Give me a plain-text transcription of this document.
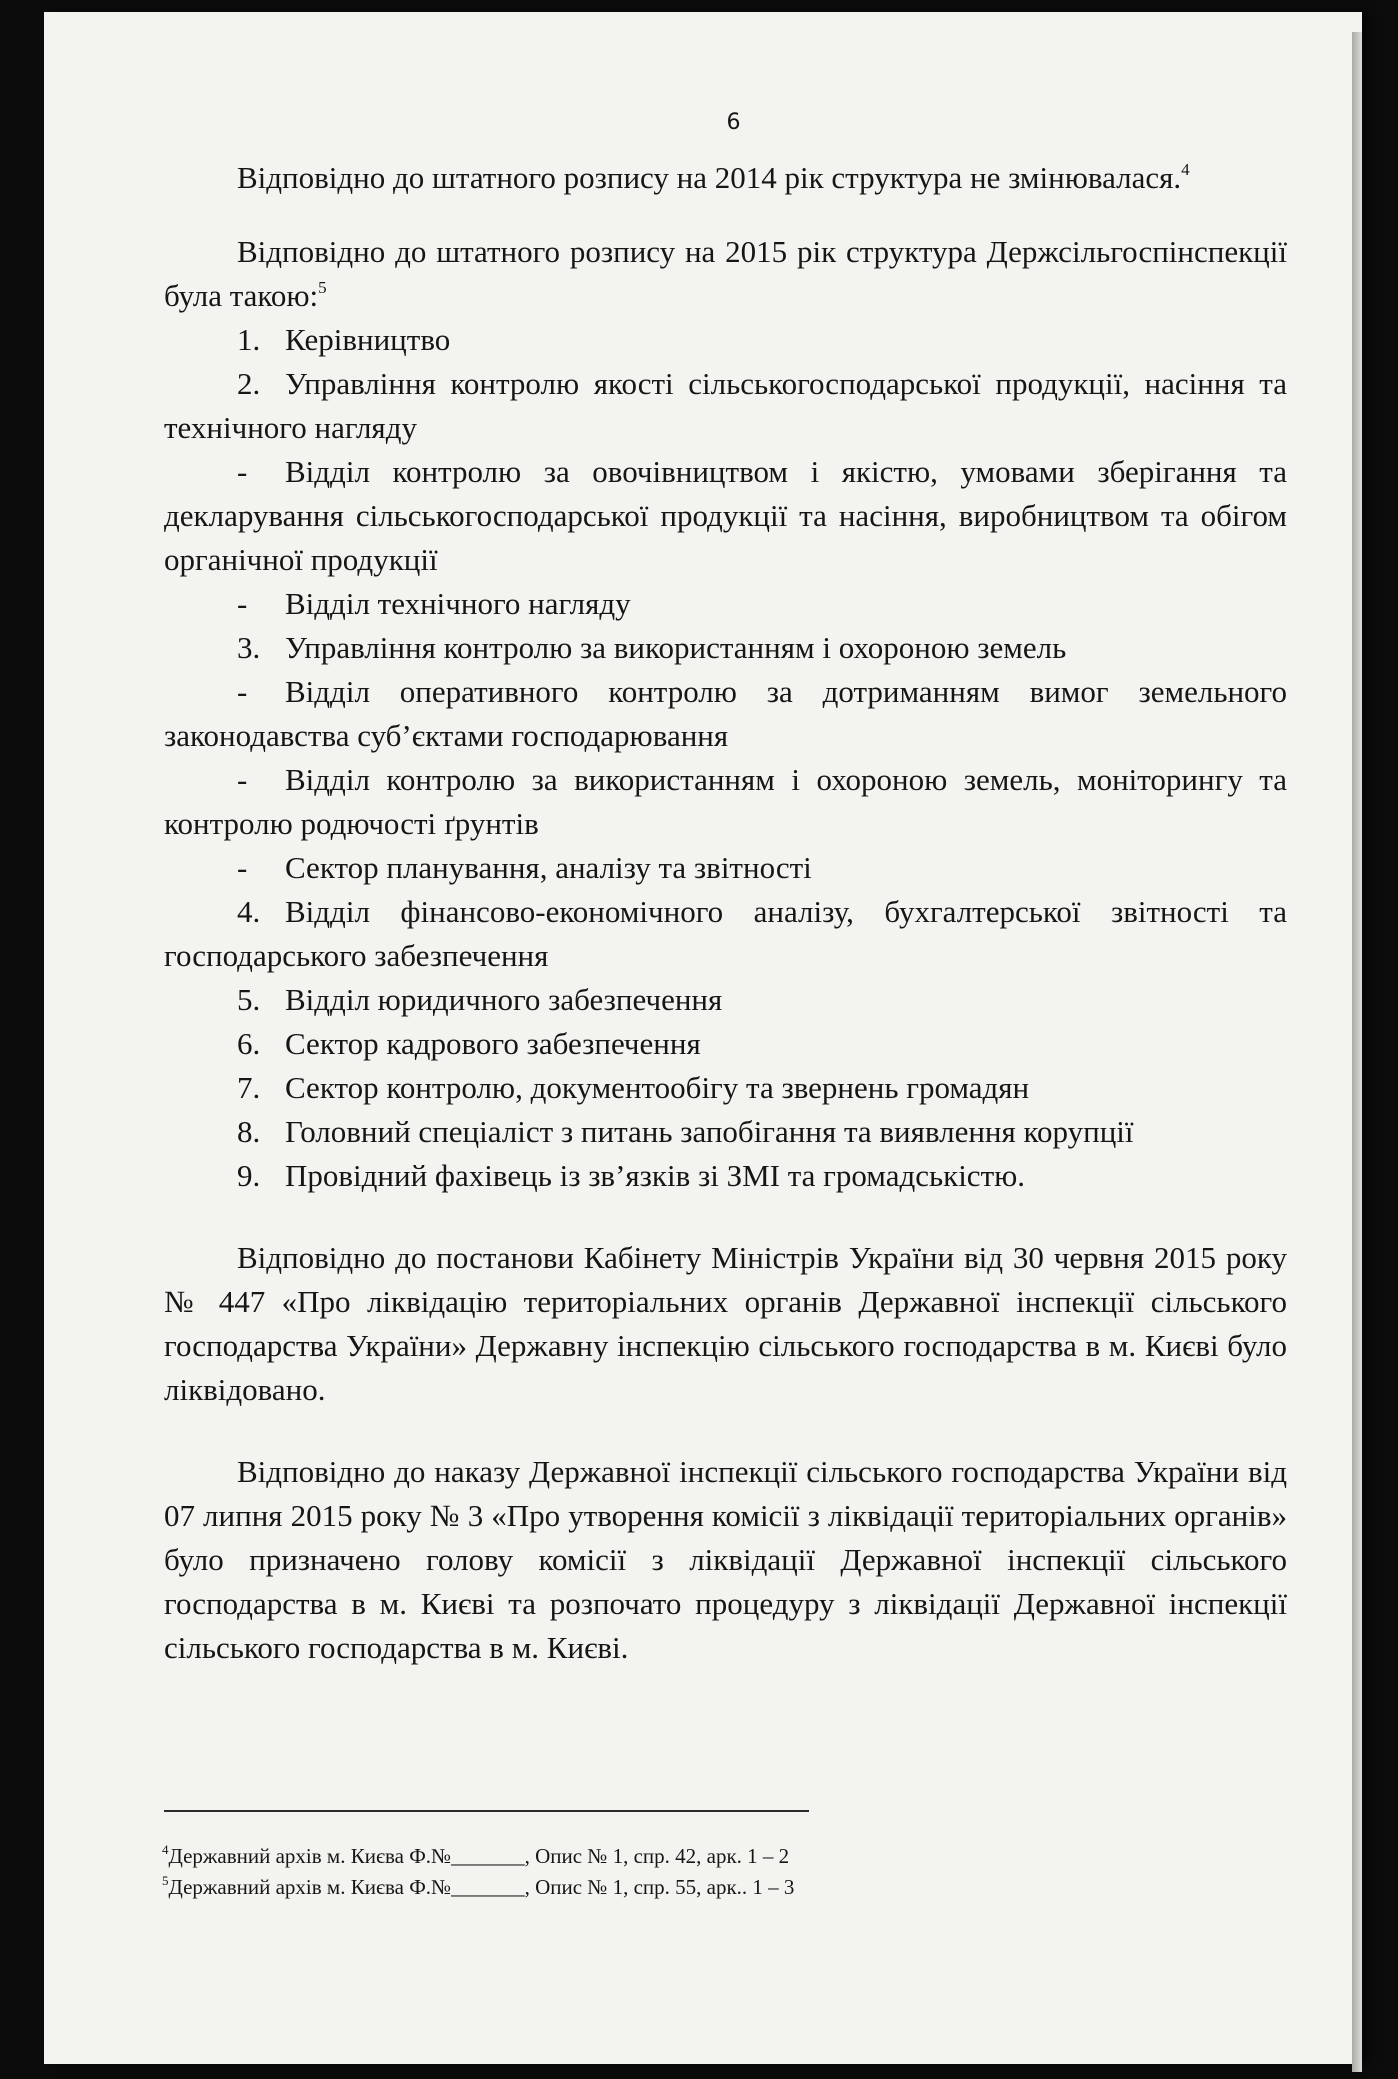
6

Відповідно до штатного розпису на 2014 рік структура не змінювалася.$^4$

Відповідно до штатного розпису на 2015 рік структура Держсільгоспінспекції була такою:$^5$

1. Керівництво

2. Управління контролю якості сільськогосподарської продукції, насіння та технічного нагляду

- Відділ контролю за овочівництвом і якістю, умовами зберігання та декларування сільськогосподарської продукції та насіння, виробництвом та обігом органічної продукції

- Відділ технічного нагляду

3. Управління контролю за використанням і охороною земель

- Відділ оперативного контролю за дотриманням вимог земельного законодавства суб’єктами господарювання

- Відділ контролю за використанням і охороною земель, моніторингу та контролю родючості ґрунтів

- Сектор планування, аналізу та звітності

4. Відділ фінансово-економічного аналізу, бухгалтерської звітності та господарського забезпечення

5. Відділ юридичного забезпечення

6. Сектор кадрового забезпечення

7. Сектор контролю, документообігу та звернень громадян

8. Головний спеціаліст з питань запобігання та виявлення корупції

9. Провідний фахівець із зв’язків зі ЗМІ та громадськістю.

Відповідно до постанови Кабінету Міністрів України від 30 червня 2015 року № 447 «Про ліквідацію територіальних органів Державної інспекції сільського господарства України» Державну інспекцію сільського господарства в м. Києві було ліквідовано.

Відповідно до наказу Державної інспекції сільського господарства України від 07 липня 2015 року № 3 «Про утворення комісії з ліквідації територіальних органів» було призначено голову комісії з ліквідації Державної інспекції сільського господарства в м. Києві та розпочато процедуру з ліквідації Державної інспекції сільського господарства в м. Києві.

$^4$Державний архів м. Києва Ф.№_______, Опис № 1, спр. 42, арк. 1 – 2
$^5$Державний архів м. Києва Ф.№_______, Опис № 1, спр. 55, арк.. 1 – 3
